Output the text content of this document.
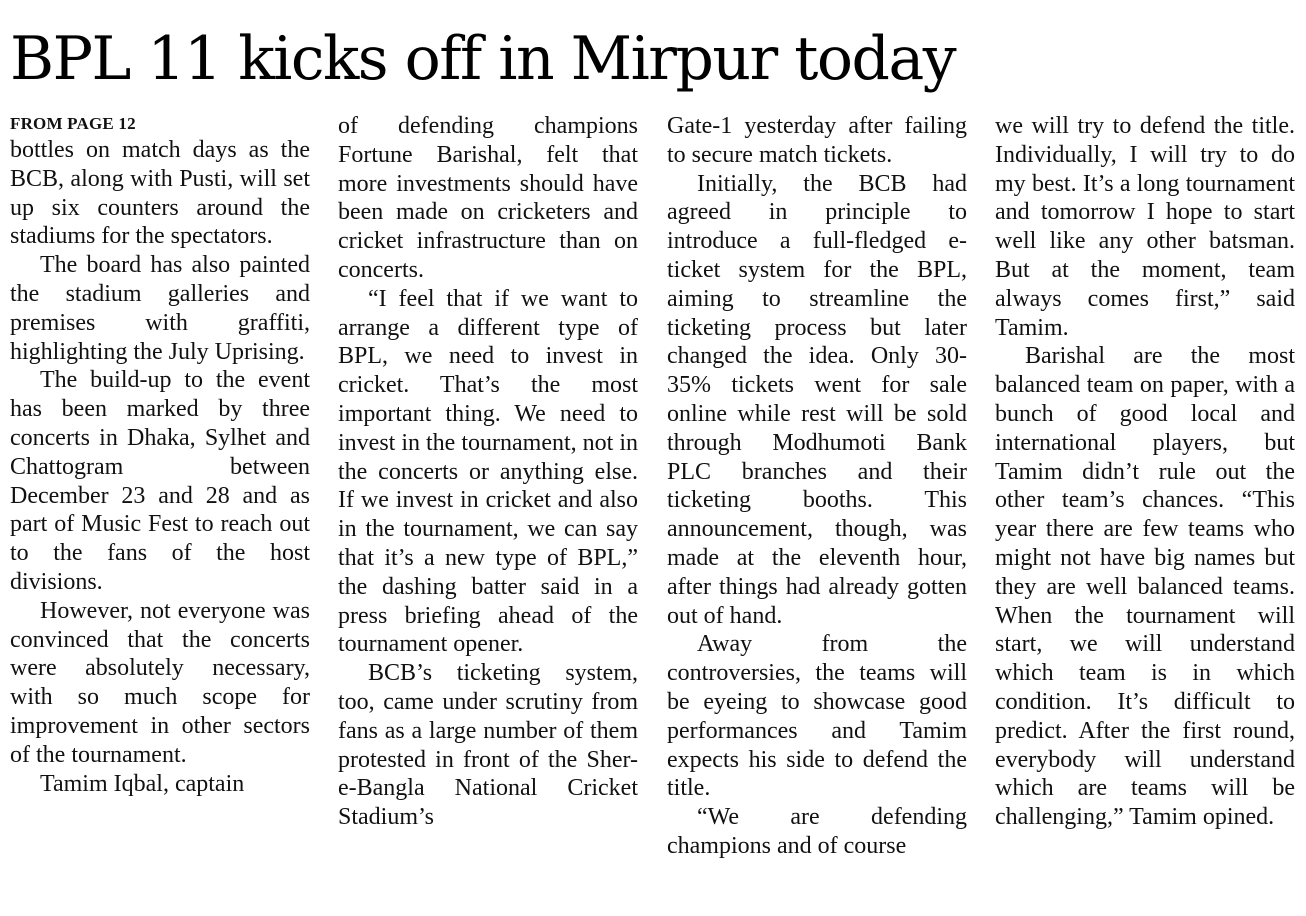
BPL 11 kicks off in Mirpur today
FROM PAGE 12

bottles on match days as the BCB, along with Pusti, will set up six counters around the stadiums for the spectators.

The board has also painted the stadium galleries and premises with graffiti, highlighting the July Uprising.

The build-up to the event has been marked by three concerts in Dhaka, Sylhet and Chattogram between December 23 and 28 and as part of Music Fest to reach out to the fans of the host divisions.

However, not everyone was convinced that the concerts were absolutely necessary, with so much scope for improvement in other sectors of the tournament.

Tamim Iqbal, captain

of defending champions Fortune Barishal, felt that more investments should have been made on cricketers and cricket infrastructure than on concerts.

“I feel that if we want to arrange a different type of BPL, we need to invest in cricket. That’s the most important thing. We need to invest in the tournament, not in the concerts or anything else. If we invest in cricket and also in the tournament, we can say that it’s a new type of BPL,” the dashing batter said in a press briefing ahead of the tournament opener.

BCB’s ticketing system, too, came under scrutiny from fans as a large number of them protested in front of the Sher-e-Bangla National Cricket Stadium’s

Gate-1 yesterday after failing to secure match tickets.

Initially, the BCB had agreed in principle to introduce a full-fledged e-ticket system for the BPL, aiming to streamline the ticketing process but later changed the idea. Only 30-35% tickets went for sale online while rest will be sold through Modhumoti Bank PLC branches and their ticketing booths. This announcement, though, was made at the eleventh hour, after things had already gotten out of hand.

Away from the controversies, the teams will be eyeing to showcase good performances and Tamim expects his side to defend the title.

“We are defending champions and of course

we will try to defend the title. Individually, I will try to do my best. It’s a long tournament and tomorrow I hope to start well like any other batsman. But at the moment, team always comes first,” said Tamim.

Barishal are the most balanced team on paper, with a bunch of good local and international players, but Tamim didn’t rule out the other team’s chances. “This year there are few teams who might not have big names but they are well balanced teams. When the tournament will start, we will understand which team is in which condition. It’s difficult to predict. After the first round, everybody will understand which are teams will be challenging,” Tamim opined.
